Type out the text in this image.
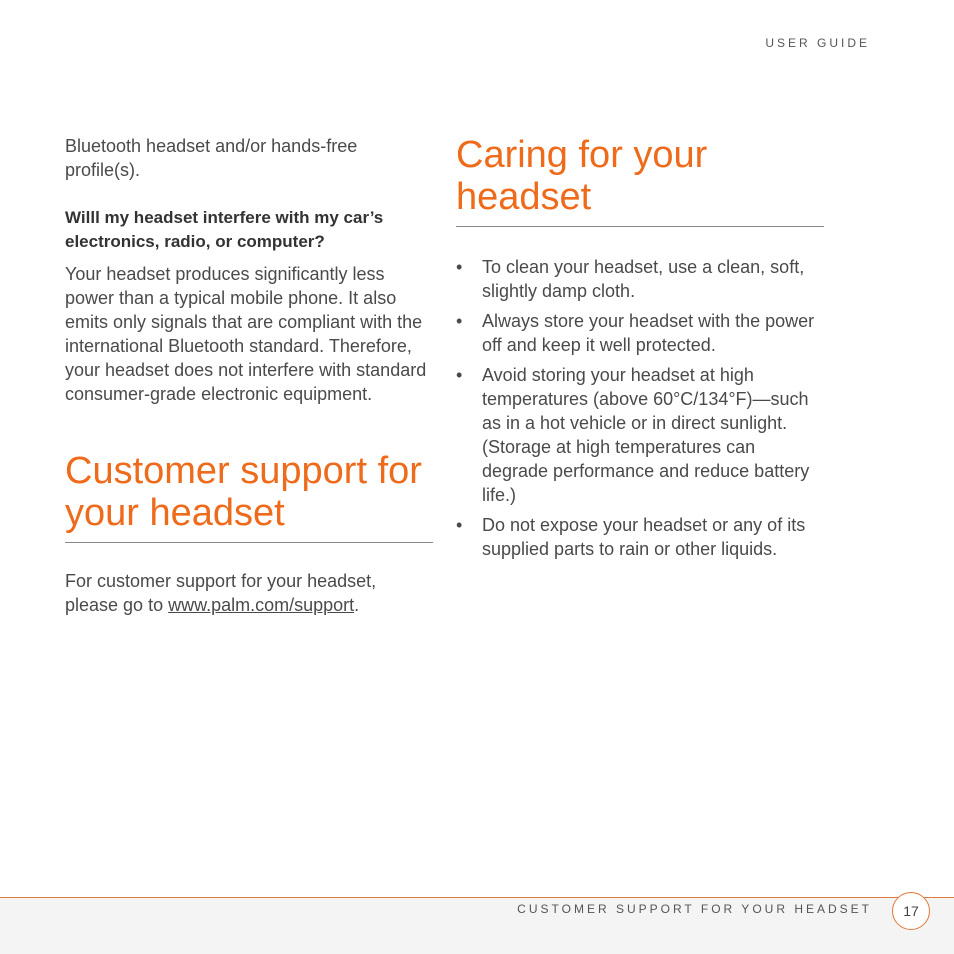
USER GUIDE

Bluetooth headset and/or hands-free profile(s).

Willl my headset interfere with my car’s electronics, radio, or computer?

Your headset produces significantly less power than a typical mobile phone. It also emits only signals that are compliant with the international Bluetooth standard. Therefore, your headset does not interfere with standard consumer-grade electronic equipment.

Customer support for your headset

For customer support for your headset, please go to www.palm.com/support.

Caring for your headset
• To clean your headset, use a clean, soft, slightly damp cloth.
• Always store your headset with the power off and keep it well protected.
• Avoid storing your headset at high temperatures (above 60°C/134°F)—such as in a hot vehicle or in direct sunlight. (Storage at high temperatures can degrade performance and reduce battery life.)
• Do not expose your headset or any of its supplied parts to rain or other liquids.
CUSTOMER SUPPORT FOR YOUR HEADSET 17
